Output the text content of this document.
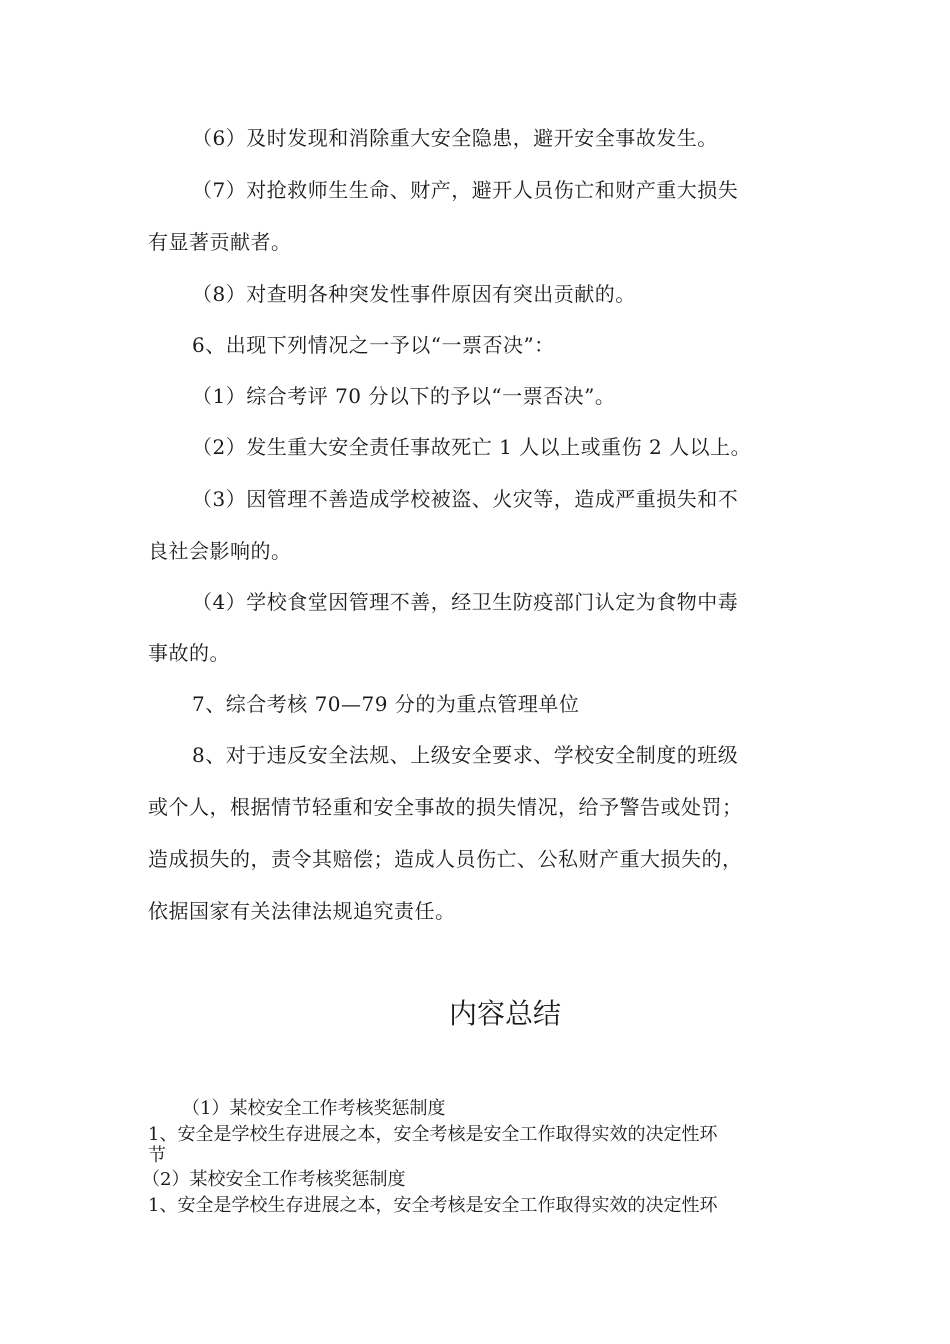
（6）及时发现和消除重大安全隐患，避开安全事故发生。
（7）对抢救师生生命、财产，避开人员伤亡和财产重大损失
有显著贡献者。
（8）对查明各种突发性事件原因有突出贡献的。
6、出现下列情况之一予以“一票否决”：
（1）综合考评 70 分以下的予以“一票否决”。
（2）发生重大安全责任事故死亡 1 人以上或重伤 2 人以上。
（3）因管理不善造成学校被盗、火灾等，造成严重损失和不
良社会影响的。
（4）学校食堂因管理不善，经卫生防疫部门认定为食物中毒
事故的。
7、综合考核 70—79 分的为重点管理单位
8、对于违反安全法规、上级安全要求、学校安全制度的班级
或个人，根据情节轻重和安全事故的损失情况，给予警告或处罚；
造成损失的，责令其赔偿；造成人员伤亡、公私财产重大损失的，
依据国家有关法律法规追究责任。
内容总结
（1）某校安全工作考核奖惩制度
1、安全是学校生存进展之本，安全考核是安全工作取得实效的决定性环
节
（2）某校安全工作考核奖惩制度
1、安全是学校生存进展之本，安全考核是安全工作取得实效的决定性环
